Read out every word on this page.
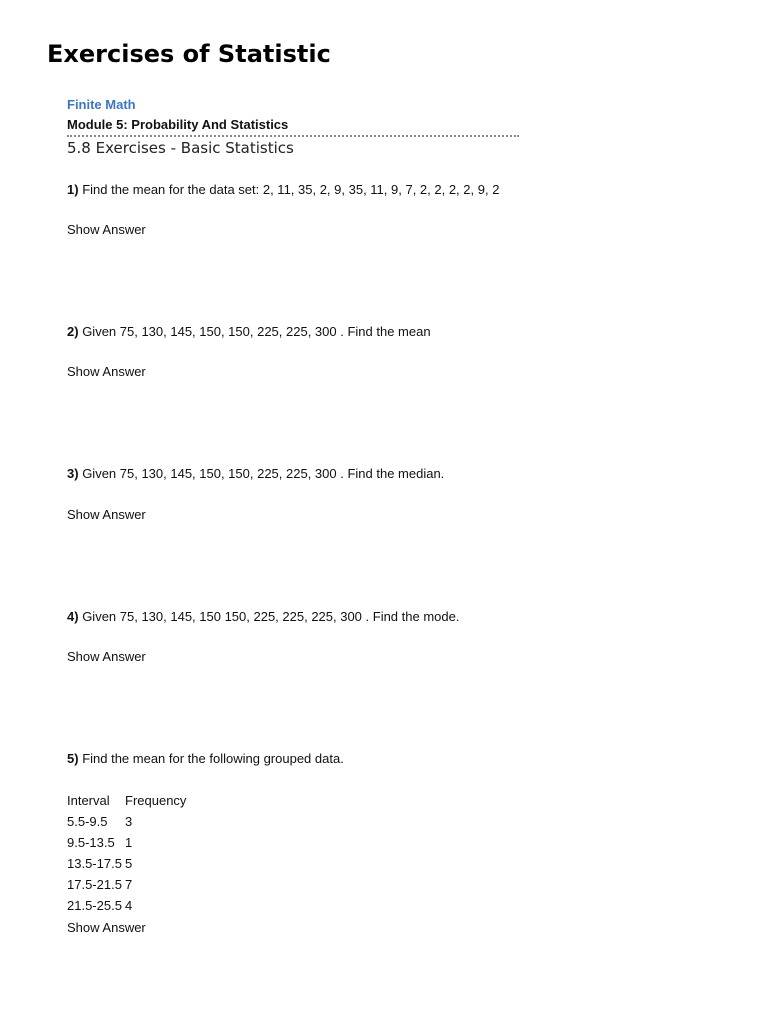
Exercises of Statistic
Finite Math
Module 5: Probability And Statistics
5.8 Exercises - Basic Statistics
1) Find the mean for the data set: 2, 11, 35, 2, 9, 35, 11, 9, 7, 2, 2, 2, 2, 9, 2
Show Answer
2) Given 75, 130, 145, 150, 150, 225, 225, 300 . Find the mean
Show Answer
3) Given 75, 130, 145, 150, 150, 225, 225, 300 . Find the median.
Show Answer
4) Given 75, 130, 145, 150 150, 225, 225, 225, 300 . Find the mode.
Show Answer
5) Find the mean for the following grouped data.
Interval	Frequency
5.5-9.5	3
9.5-13.5 1
13.5-17.5 5
17.5-21.5 7
21.5-25.5 4
Show Answer
